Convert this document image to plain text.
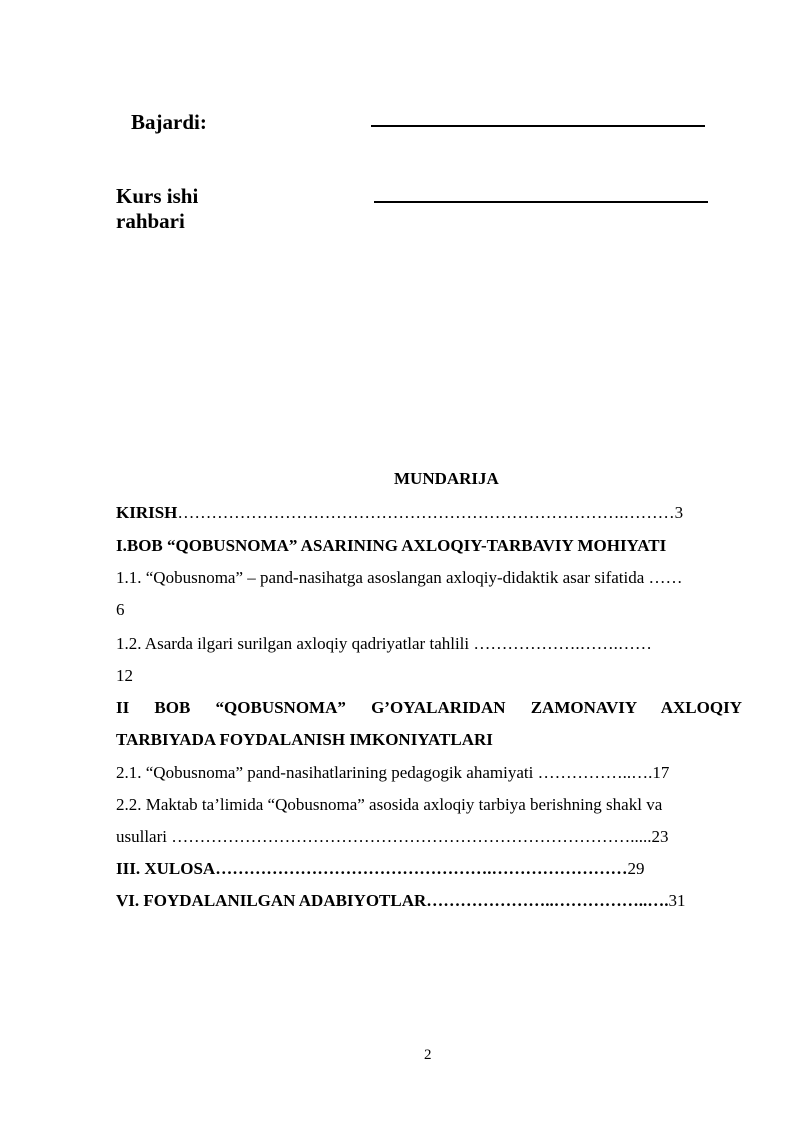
Bajardi:
Kurs ishi
rahbari
MUNDARIJA
KIRISH…………………………………………………………………….………3
I.BOB “QOBUSNOMA” ASARINING AXLOQIY-TARBAVIY MOHIYATI
1.1. “Qobusnoma” – pand-nasihatga asoslangan axloqiy-didaktik asar sifatida ……
6
1.2. Asarda ilgari surilgan axloqiy qadriyatlar tahlili ……………….…….……
12
II BOB “QOBUSNOMA” G’OYALARIDAN ZAMONAVIY AXLOQIY
TARBIYADA FOYDALANISH IMKONIYATLARI
2.1. “Qobusnoma” pand-nasihatlarining pedagogik ahamiyati ……………..….17
2.2. Maktab ta’limida “Qobusnoma” asosida axloqiy tarbiya berishning shakl va
usullari ……………………………………………………………………….....23
III. XULOSA………………………………………….……………………29
VI. FOYDALANILGAN ADABIYOTLAR…………………..……………..….31
2
